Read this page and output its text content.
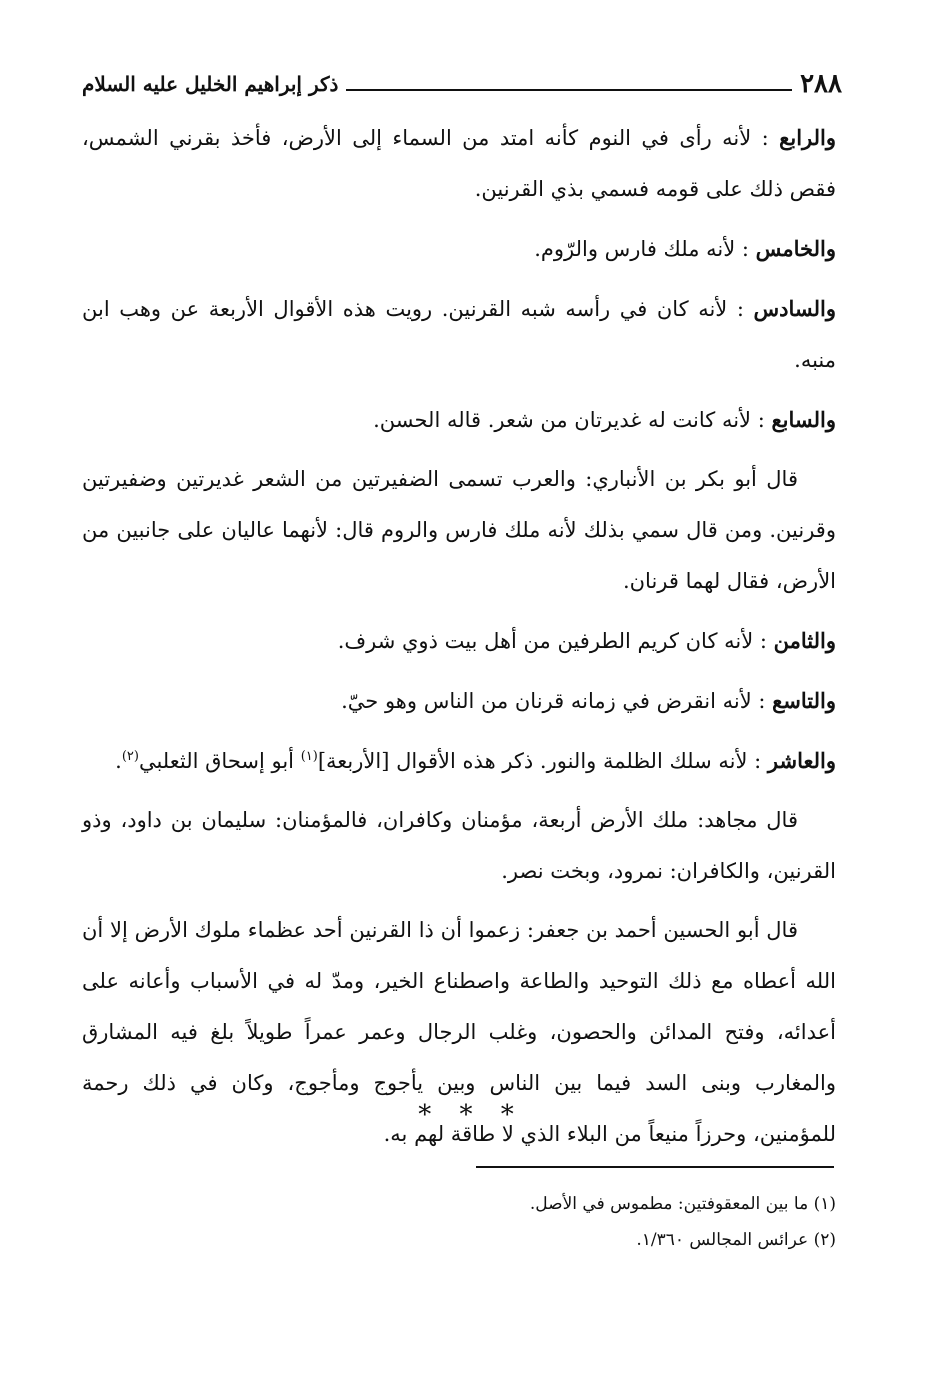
٢٨٨
ذكر إبراهيم الخليل عليه السلام

والرابع : لأنه رأى في النوم كأنه امتد من السماء إلى الأرض، فأخذ بقرني الشمس، فقص ذلك على قومه فسمي بذي القرنين.

والخامس : لأنه ملك فارس والرّوم.

والسادس : لأنه كان في رأسه شبه القرنين. رويت هذه الأقوال الأربعة عن وهب ابن منبه.

والسابع : لأنه كانت له غديرتان من شعر. قاله الحسن.

قال أبو بكر بن الأنباري: والعرب تسمى الضفيرتين من الشعر غديرتين وضفيرتين وقرنين. ومن قال سمي بذلك لأنه ملك فارس والروم قال: لأنهما عاليان على جانبين من الأرض، فقال لهما قرنان.

والثامن : لأنه كان كريم الطرفين من أهل بيت ذوي شرف.

والتاسع : لأنه انقرض في زمانه قرنان من الناس وهو حيّ.

والعاشر : لأنه سلك الظلمة والنور. ذكر هذه الأقوال [الأربعة]$^{(١)}$ أبو إسحاق الثعلبي$^{(٢)}$.

قال مجاهد: ملك الأرض أربعة، مؤمنان وكافران، فالمؤمنان: سليمان بن داود، وذو القرنين، والكافران: نمرود، وبخت نصر.

قال أبو الحسين أحمد بن جعفر: زعموا أن ذا القرنين أحد عظماء ملوك الأرض إلا أن الله أعطاه مع ذلك التوحيد والطاعة واصطناع الخير، ومدّ له في الأسباب وأعانه على أعدائه، وفتح المدائن والحصون، وغلب الرجال وعمر عمراً طويلاً بلغ فيه المشارق والمغارب وبنى السد فيما بين الناس وبين يأجوج ومأجوج، وكان في ذلك رحمة للمؤمنين، وحرزاً منيعاً من البلاء الذي لا طاقة لهم به.

* * *

(١) ما بين المعقوفتين: مطموس في الأصل.

(٢) عرائس المجالس ١/٣٦٠.
